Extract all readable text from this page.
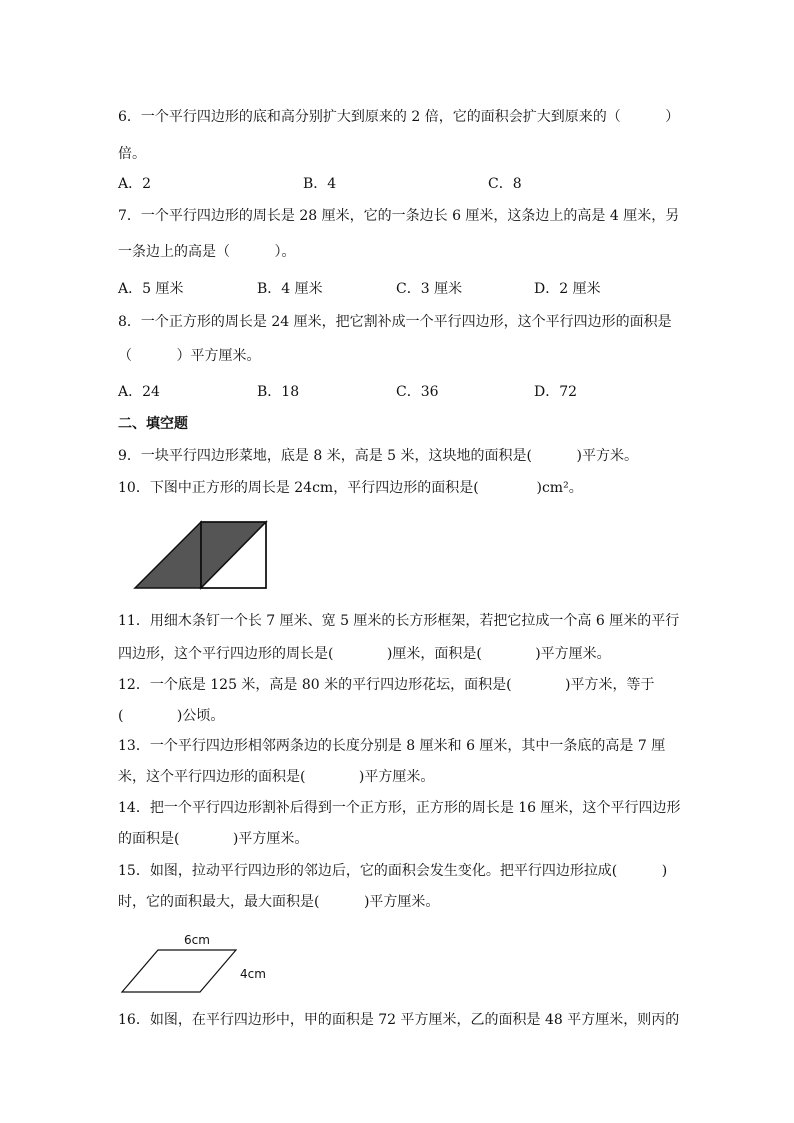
6．一个平行四边形的底和高分别扩大到原来的 2 倍，它的面积会扩大到原来的（          ）
倍。
A．2	B．4	C．8
7．一个平行四边形的周长是 28 厘米，它的一条边长 6 厘米，这条边上的高是 4 厘米，另
一条边上的高是（          ）。
A．5 厘米	B．4 厘米	C．3 厘米	D．2 厘米
8．一个正方形的周长是 24 厘米，把它割补成一个平行四边形，这个平行四边形的面积是
（          ）平方厘米。
A．24	B．18	C．36	D．72
二、填空题
9．一块平行四边形菜地，底是 8 米，高是 5 米，这块地的面积是(          )平方米。
10．下图中正方形的周长是 24cm，平行四边形的面积是(             )cm²。
11．用细木条钉一个长 7 厘米、宽 5 厘米的长方形框架，若把它拉成一个高 6 厘米的平行
四边形，这个平行四边形的周长是(            )厘米，面积是(            )平方厘米。
12．一个底是 125 米，高是 80 米的平行四边形花坛，面积是(            )平方米，等于
(            )公顷。
13．一个平行四边形相邻两条边的长度分别是 8 厘米和 6 厘米，其中一条底的高是 7 厘
米，这个平行四边形的面积是(            )平方厘米。
14．把一个平行四边形割补后得到一个正方形，正方形的周长是 16 厘米，这个平行四边形
的面积是(            )平方厘米。
15．如图，拉动平行四边形的邻边后，它的面积会发生变化。把平行四边形拉成(          )
时，它的面积最大，最大面积是(          )平方厘米。
6cm
4cm
16．如图，在平行四边形中，甲的面积是 72 平方厘米，乙的面积是 48 平方厘米，则丙的
